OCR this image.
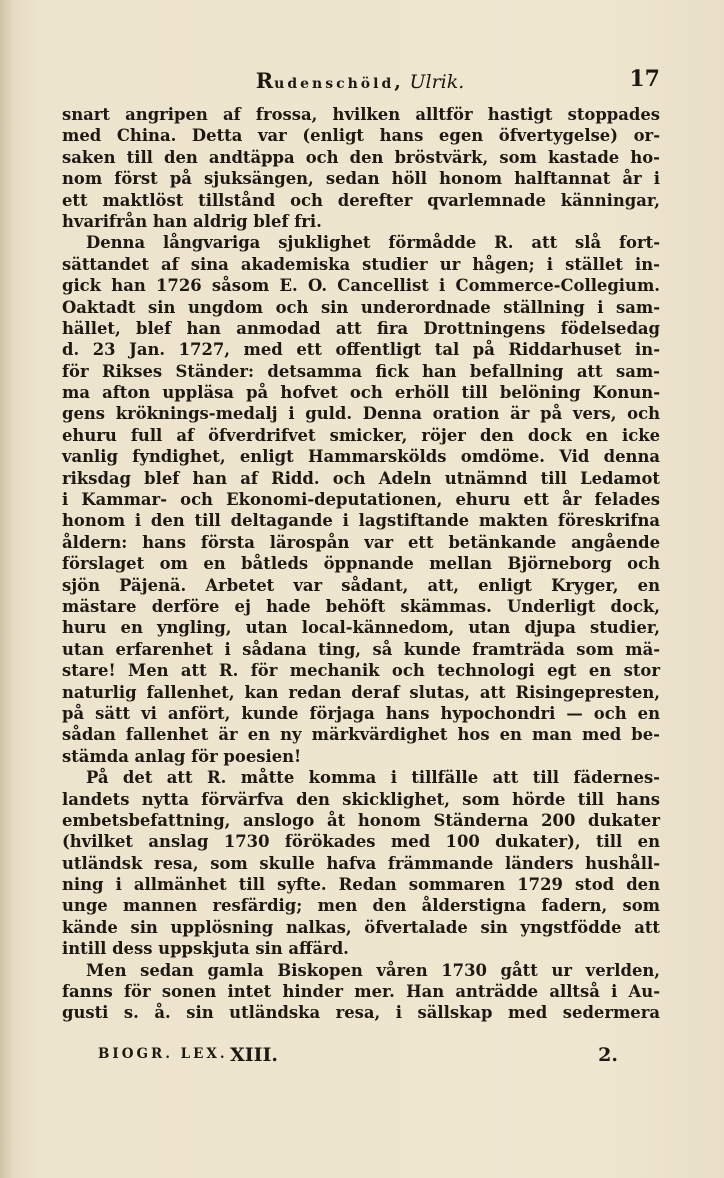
Rudenschöld, Ulrik.	17
snart angripen af frossa, hvilken alltför hastigt stoppades
med China. Detta var (enligt hans egen öfvertygelse) or-
saken till den andtäppa och den bröstvärk, som kastade ho-
nom först på sjuksängen, sedan höll honom halftannat år i
ett maktlöst tillstånd och derefter qvarlemnade känningar,
hvarifrån han aldrig blef fri.
Denna långvariga sjuklighet förmådde R. att slå fort-
sättandet af sina akademiska studier ur hågen; i stället in-
gick han 1726 såsom E. O. Cancellist i Commerce-Collegium.
Oaktadt sin ungdom och sin underordnade ställning i sam-
hället, blef han anmodad att fira Drottningens födelsedag
d. 23 Jan. 1727, med ett offentligt tal på Riddarhuset in-
för Rikses Ständer: detsamma fick han befallning att sam-
ma afton uppläsa på hofvet och erhöll till belöning Konun-
gens kröknings-medalj i guld. Denna oration är på vers, och
ehuru full af öfverdrifvet smicker, röjer den dock en icke
vanlig fyndighet, enligt Hammarskölds omdöme. Vid denna
riksdag blef han af Ridd. och Adeln utnämnd till Ledamot
i Kammar- och Ekonomi-deputationen, ehuru ett år felades
honom i den till deltagande i lagstiftande makten föreskrifna
åldern: hans första lärospån var ett betänkande angående
förslaget om en båtleds öppnande mellan Björneborg och
sjön Päjenä. Arbetet var sådant, att, enligt Kryger, en
mästare derföre ej hade behöft skämmas. Underligt dock,
huru en yngling, utan local-kännedom, utan djupa studier,
utan erfarenhet i sådana ting, så kunde framträda som mä-
stare! Men att R. för mechanik och technologi egt en stor
naturlig fallenhet, kan redan deraf slutas, att Risingepresten,
på sätt vi anfört, kunde förjaga hans hypochondri — och en
sådan fallenhet är en ny märkvärdighet hos en man med be-
stämda anlag för poesien!
På det att R. måtte komma i tillfälle att till fädernes-
landets nytta förvärfva den skicklighet, som hörde till hans
embetsbefattning, anslogo åt honom Ständerna 200 dukater
(hvilket anslag 1730 förökades med 100 dukater), till en
utländsk resa, som skulle hafva främmande länders hushåll-
ning i allmänhet till syfte. Redan sommaren 1729 stod den
unge mannen resfärdig; men den ålderstigna fadern, som
kände sin upplösning nalkas, öfvertalade sin yngstfödde att
intill dess uppskjuta sin affärd.
Men sedan gamla Biskopen våren 1730 gått ur verlden,
fanns för sonen intet hinder mer. Han anträdde alltså i Au-
gusti s. å. sin utländska resa, i sällskap med sedermera
BIOGR. LEX. XIII.	2.
